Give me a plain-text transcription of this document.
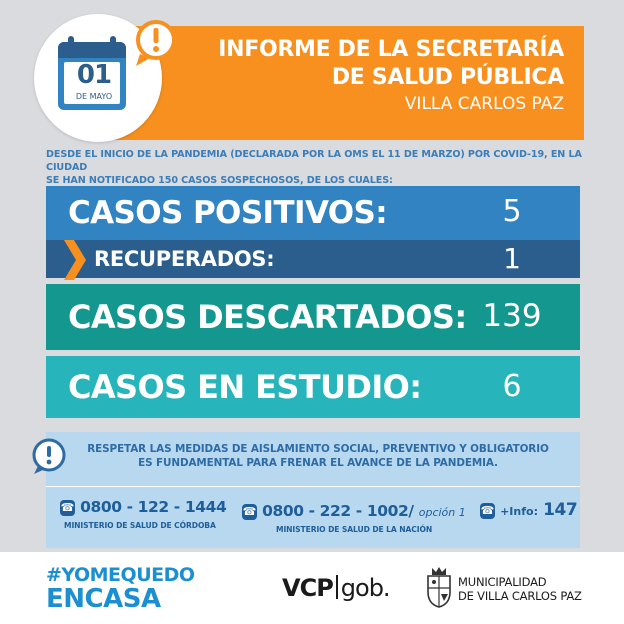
INFORME DE LA SECRETARÍA
DE SALUD PÚBLICA
VILLA CARLOS PAZ
01
DE MAYO
DESDE EL INICIO DE LA PANDEMIA (DECLARADA POR LA OMS EL 11 DE MARZO) POR COVID-19, EN LA CIUDAD
SE HAN NOTIFICADO 150 CASOS SOSPECHOSOS, DE LOS CUALES:
CASOS POSITIVOS:	5
RECUPERADOS:	1
CASOS DESCARTADOS: 139
CASOS EN ESTUDIO:	6
RESPETAR LAS MEDIDAS DE AISLAMIENTO SOCIAL, PREVENTIVO Y OBLIGATORIO
ES FUNDAMENTAL PARA FRENAR EL AVANCE DE LA PANDEMIA.
☎ 0800 - 122 - 1444
MINISTERIO DE SALUD DE CÓRDOBA
☎ 0800 - 222 - 1002/ opción 1
MINISTERIO DE SALUD DE LA NACIÓN
☎ +Info: 147
#YOMEQUEDO
ENCASA	VCP gob.	MUNICIPALIDAD
DE VILLA CARLOS PAZ
